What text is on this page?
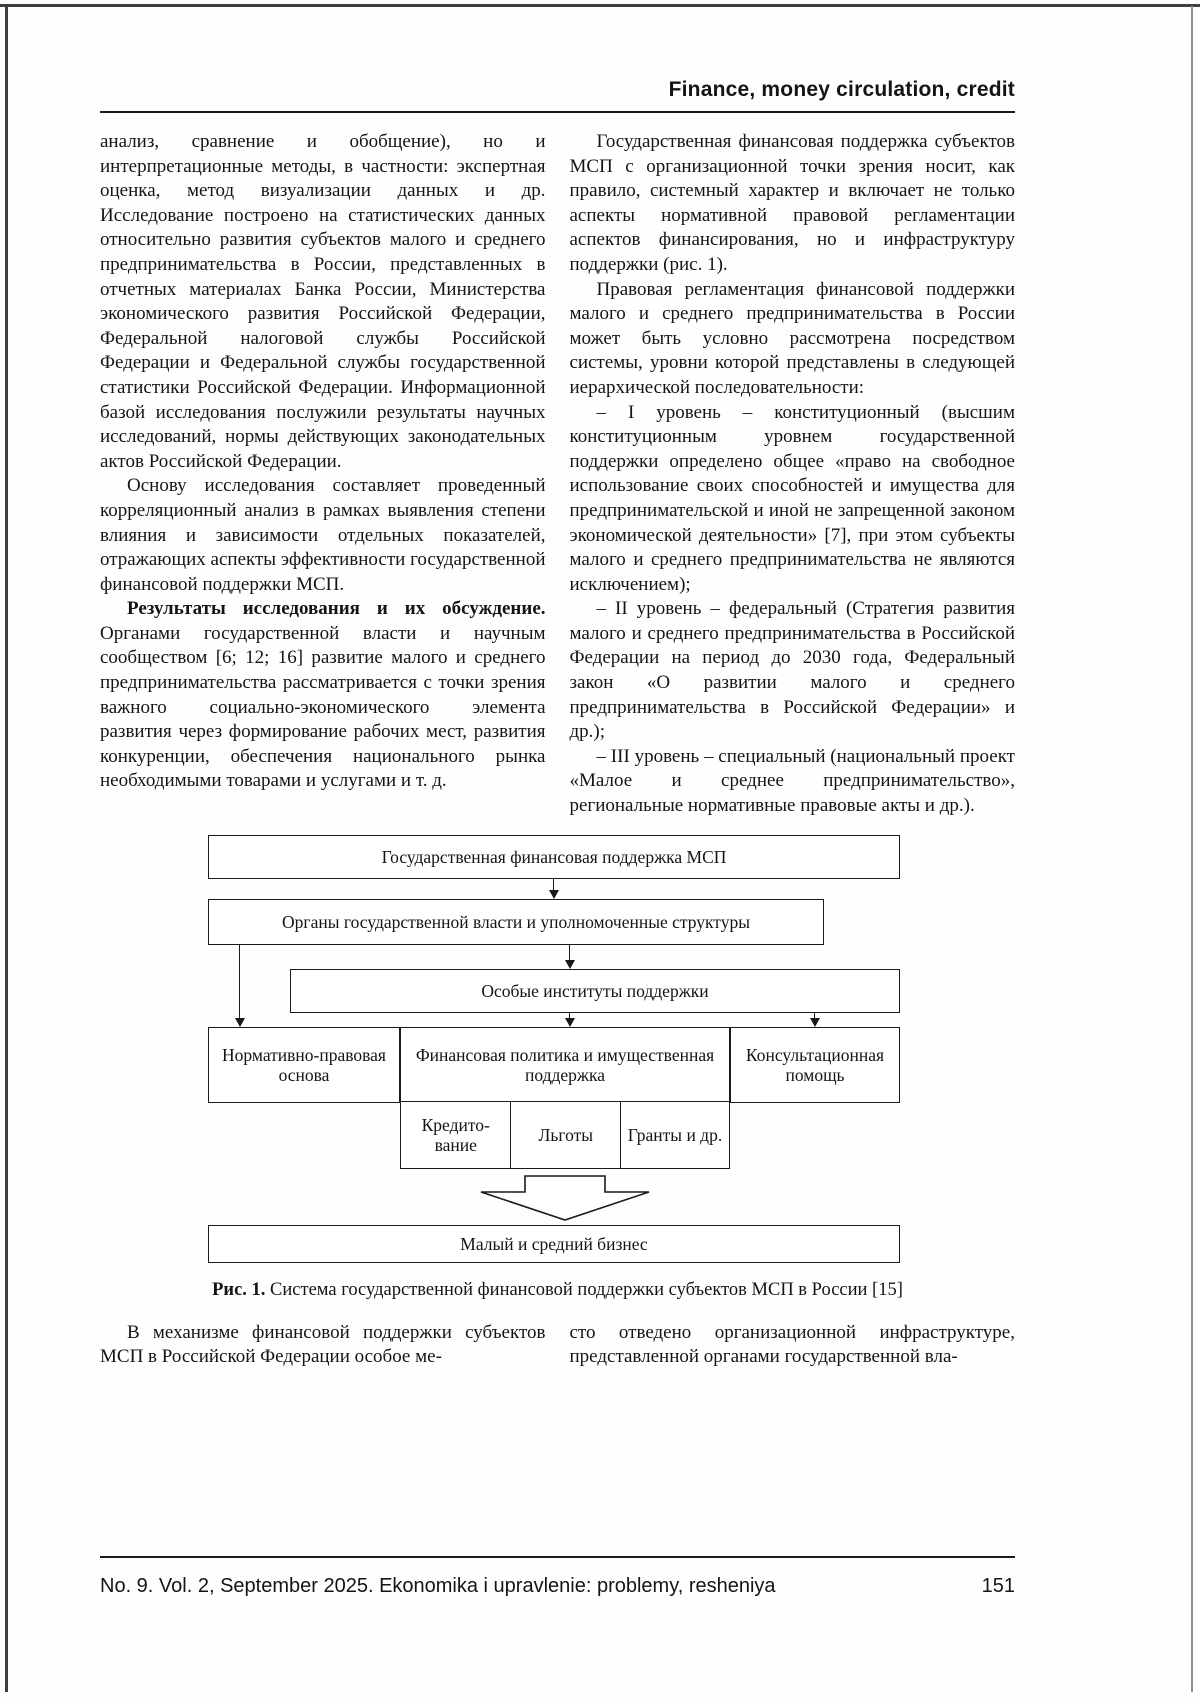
Finance, money circulation, credit

анализ, сравнение и обобщение), но и интерпретационные методы, в частности: экспертная оценка, метод визуализации данных и др. Исследование построено на статистических данных относительно развития субъектов малого и среднего предпринимательства в России, представленных в отчетных материалах Банка России, Министерства экономического развития Российской Федерации, Федеральной налоговой службы Российской Федерации и Федеральной службы государственной статистики Российской Федерации. Информационной базой исследования послужили результаты научных исследований, нормы действующих законодательных актов Российской Федерации.

Основу исследования составляет проведенный корреляционный анализ в рамках выявления степени влияния и зависимости отдельных показателей, отражающих аспекты эффективности государственной финансовой поддержки МСП.

Результаты исследования и их обсуждение. Органами государственной власти и научным сообществом [6; 12; 16] развитие малого и среднего предпринимательства рассматривается с точки зрения важного социально-экономического элемента развития через формирование рабочих мест, развития конкуренции, обеспечения национального рынка необходимыми товарами и услугами и т. д.

Государственная финансовая поддержка субъектов МСП с организационной точки зрения носит, как правило, системный характер и включает не только аспекты нормативной правовой регламентации аспектов финансирования, но и инфраструктуру поддержки (рис. 1).

Правовая регламентация финансовой поддержки малого и среднего предпринимательства в России может быть условно рассмотрена посредством системы, уровни которой представлены в следующей иерархической последовательности:

– I уровень – конституционный (высшим конституционным уровнем государственной поддержки определено общее «право на свободное использование своих способностей и имущества для предпринимательской и иной не запрещенной законом экономической деятельности» [7], при этом субъекты малого и среднего предпринимательства не являются исключением);

– II уровень – федеральный (Стратегия развития малого и среднего предпринимательства в Российской Федерации на период до 2030 года, Федеральный закон «О развитии малого и среднего предпринимательства в Российской Федерации» и др.);

– III уровень – специальный (национальный проект «Малое и среднее предпринимательство», региональные нормативные правовые акты и др.).

Государственная финансовая поддержка МСП
Органы государственной власти и уполномоченные структуры
Особые институты поддержки
Нормативно-правовая основа
Финансовая политика и имущественная поддержка
Консультационная помощь
Кредито- вание	Льготы	Гранты и др.
Малый и средний бизнес
Рис. 1. Система государственной финансовой поддержки субъектов МСП в России [15]

В механизме финансовой поддержки субъектов МСП в Российской Федерации особое ме-

сто отведено организационной инфраструктуре, представленной органами государственной вла-

No. 9. Vol. 2, September 2025. Ekonomika i upravlenie: problemy, resheniya	151
